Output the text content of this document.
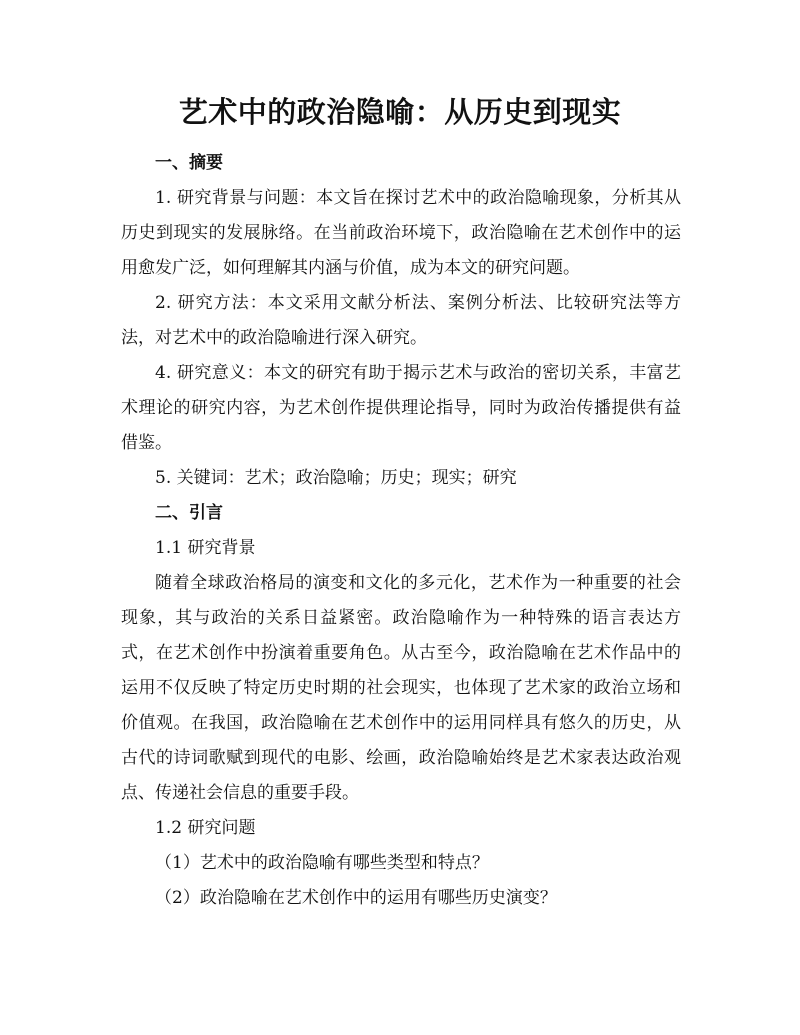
艺术中的政治隐喻：从历史到现实

一、摘要

1. 研究背景与问题：本文旨在探讨艺术中的政治隐喻现象，分析其从历史到现实的发展脉络。在当前政治环境下，政治隐喻在艺术创作中的运用愈发广泛，如何理解其内涵与价值，成为本文的研究问题。

2. 研究方法：本文采用文献分析法、案例分析法、比较研究法等方法，对艺术中的政治隐喻进行深入研究。

4. 研究意义：本文的研究有助于揭示艺术与政治的密切关系，丰富艺术理论的研究内容，为艺术创作提供理论指导，同时为政治传播提供有益借鉴。

5. 关键词：艺术；政治隐喻；历史；现实；研究

二、引言

1.1 研究背景

随着全球政治格局的演变和文化的多元化，艺术作为一种重要的社会现象，其与政治的关系日益紧密。政治隐喻作为一种特殊的语言表达方式，在艺术创作中扮演着重要角色。从古至今，政治隐喻在艺术作品中的运用不仅反映了特定历史时期的社会现实，也体现了艺术家的政治立场和价值观。在我国，政治隐喻在艺术创作中的运用同样具有悠久的历史，从古代的诗词歌赋到现代的电影、绘画，政治隐喻始终是艺术家表达政治观点、传递社会信息的重要手段。

1.2 研究问题

（1）艺术中的政治隐喻有哪些类型和特点？

（2）政治隐喻在艺术创作中的运用有哪些历史演变？
